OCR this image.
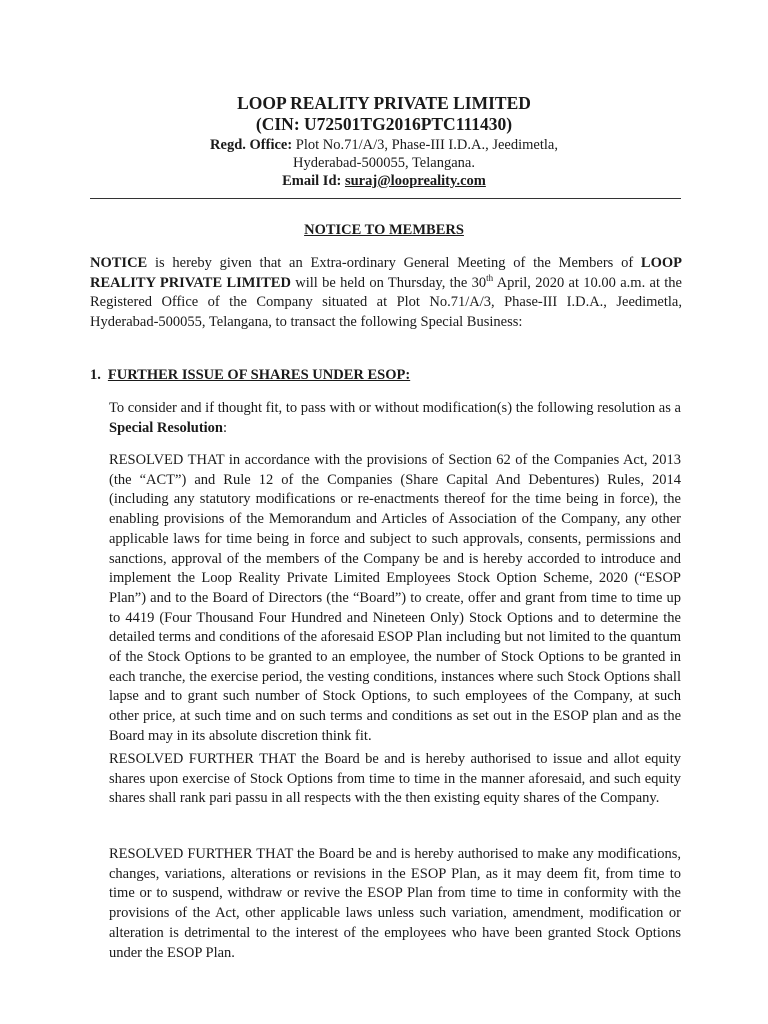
LOOP REALITY PRIVATE LIMITED
(CIN: U72501TG2016PTC111430)
Regd. Office: Plot No.71/A/3, Phase-III I.D.A., Jeedimetla,
Hyderabad-500055, Telangana.
Email Id: suraj@loopreality.com
NOTICE TO MEMBERS

NOTICE is hereby given that an Extra-ordinary General Meeting of the Members of LOOP REALITY PRIVATE LIMITED will be held on Thursday, the 30th April, 2020 at 10.00 a.m. at the Registered Office of the Company situated at Plot No.71/A/3, Phase-III I.D.A., Jeedimetla, Hyderabad-500055, Telangana, to transact the following Special Business:

1. FURTHER ISSUE OF SHARES UNDER ESOP:

To consider and if thought fit, to pass with or without modification(s) the following resolution as a Special Resolution:

RESOLVED THAT in accordance with the provisions of Section 62 of the Companies Act, 2013 (the “ACT”) and Rule 12 of the Companies (Share Capital And Debentures) Rules, 2014 (including any statutory modifications or re-enactments thereof for the time being in force), the enabling provisions of the Memorandum and Articles of Association of the Company, any other applicable laws for time being in force and subject to such approvals, consents, permissions and sanctions, approval of the members of the Company be and is hereby accorded to introduce and implement the Loop Reality Private Limited Employees Stock Option Scheme, 2020 (“ESOP Plan”) and to the Board of Directors (the “Board”) to create, offer and grant from time to time up to 4419 (Four Thousand Four Hundred and Nineteen Only) Stock Options and to determine the detailed terms and conditions of the aforesaid ESOP Plan including but not limited to the quantum of the Stock Options to be granted to an employee, the number of Stock Options to be granted in each tranche, the exercise period, the vesting conditions, instances where such Stock Options shall lapse and to grant such number of Stock Options, to such employees of the Company, at such other price, at such time and on such terms and conditions as set out in the ESOP plan and as the Board may in its absolute discretion think fit.

RESOLVED FURTHER THAT the Board be and is hereby authorised to issue and allot equity shares upon exercise of Stock Options from time to time in the manner aforesaid, and such equity shares shall rank pari passu in all respects with the then existing equity shares of the Company.

RESOLVED FURTHER THAT the Board be and is hereby authorised to make any modifications, changes, variations, alterations or revisions in the ESOP Plan, as it may deem fit, from time to time or to suspend, withdraw or revive the ESOP Plan from time to time in conformity with the provisions of the Act, other applicable laws unless such variation, amendment, modification or alteration is detrimental to the interest of the employees who have been granted Stock Options under the ESOP Plan.
